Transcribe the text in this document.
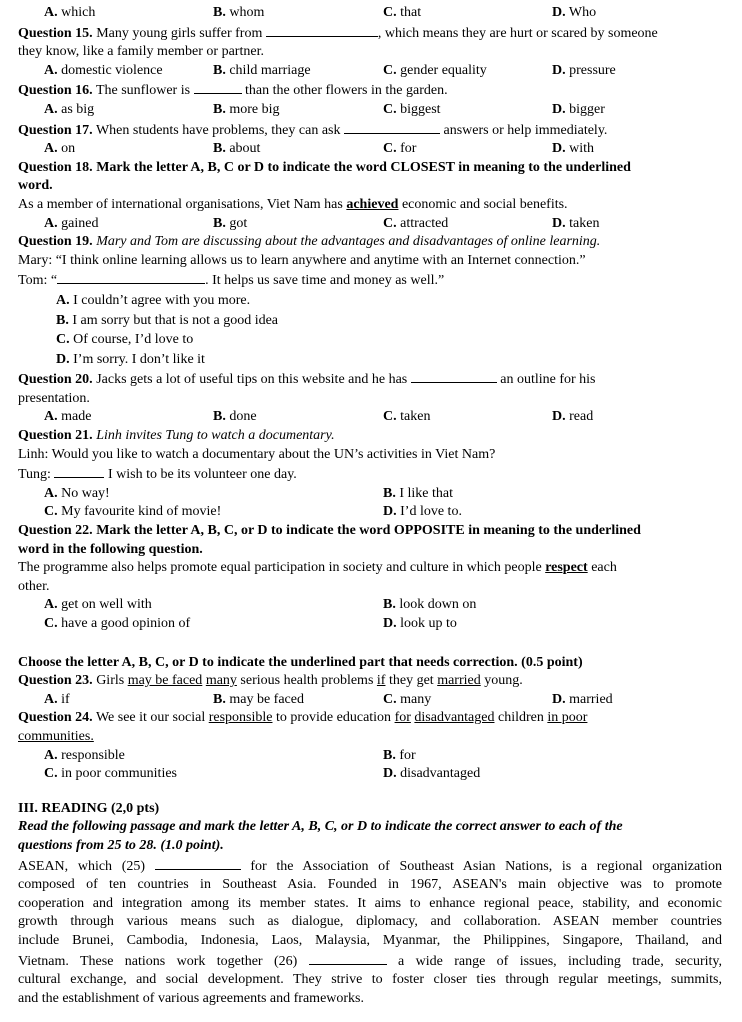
A. which	B. whom	C. that	D. Who
Question 15. Many young girls suffer from	, which means they are hurt or scared by someone
they know, like a family member or partner.
A. domestic violence	B. child marriage	C. gender equality	D. pressure
Question 16. The sunflower is	than the other flowers in the garden.
A. as big	B. more big	C. biggest	D. bigger
Question 17. When students have problems, they can ask	answers or help immediately.
A. on	B. about	C. for	D. with
Question 18. Mark the letter A, B, C or D to indicate the word CLOSEST in meaning to the underlined
word.
As a member of international organisations, Viet Nam has achieved economic and social benefits.
A. gained	B. got	C. attracted	D. taken
Question 19. Mary and Tom are discussing about the advantages and disadvantages of online learning.
Mary: “I think online learning allows us to learn anywhere and anytime with an Internet connection.”
Tom: “	. It helps us save time and money as well.”
A. I couldn’t agree with you more.
B. I am sorry but that is not a good idea
C. Of course, I’d love to
D. I’m sorry. I don’t like it
Question 20. Jacks gets a lot of useful tips on this website and he has	an outline for his
presentation.
A. made	B. done	C. taken	D. read
Question 21. Linh invites Tung to watch a documentary.
Linh: Would you like to watch a documentary about the UN’s activities in Viet Nam?
Tung:	I wish to be its volunteer one day.
A. No way!	B. I like that
C. My favourite kind of movie!	D. I’d love to.
Question 22. Mark the letter A, B, C, or D to indicate the word OPPOSITE in meaning to the underlined
word in the following question.
The programme also helps promote equal participation in society and culture in which people respect each
other.
A. get on well with	B. look down on
C. have a good opinion of	D. look up to
Choose the letter A, B, C, or D to indicate the underlined part that needs correction. (0.5 point)
Question 23. Girls may be faced many serious health problems if they get married young.
A. if	B. may be faced	C. many	D. married
Question 24. We see it our social responsible to provide education for disadvantaged children in poor
communities.
A. responsible	B. for
C. in poor communities	D. disadvantaged
III. READING (2,0 pts)
Read the following passage and mark the letter A, B, C, or D to indicate the correct answer to each of the
questions from 25 to 28. (1.0 point).
ASEAN, which (25)	for the Association of Southeast Asian Nations, is a regional organization
composed of ten countries in Southeast Asia. Founded in 1967, ASEAN's main objective was to promote
cooperation and integration among its member states. It aims to enhance regional peace, stability, and economic
growth through various means such as dialogue, diplomacy, and collaboration. ASEAN member countries
include Brunei, Cambodia, Indonesia, Laos, Malaysia, Myanmar, the Philippines, Singapore, Thailand, and
Vietnam. These nations work together (26)	a wide range of issues, including trade, security,
cultural exchange, and social development. They strive to foster closer ties through regular meetings, summits,
and the establishment of various agreements and frameworks.
